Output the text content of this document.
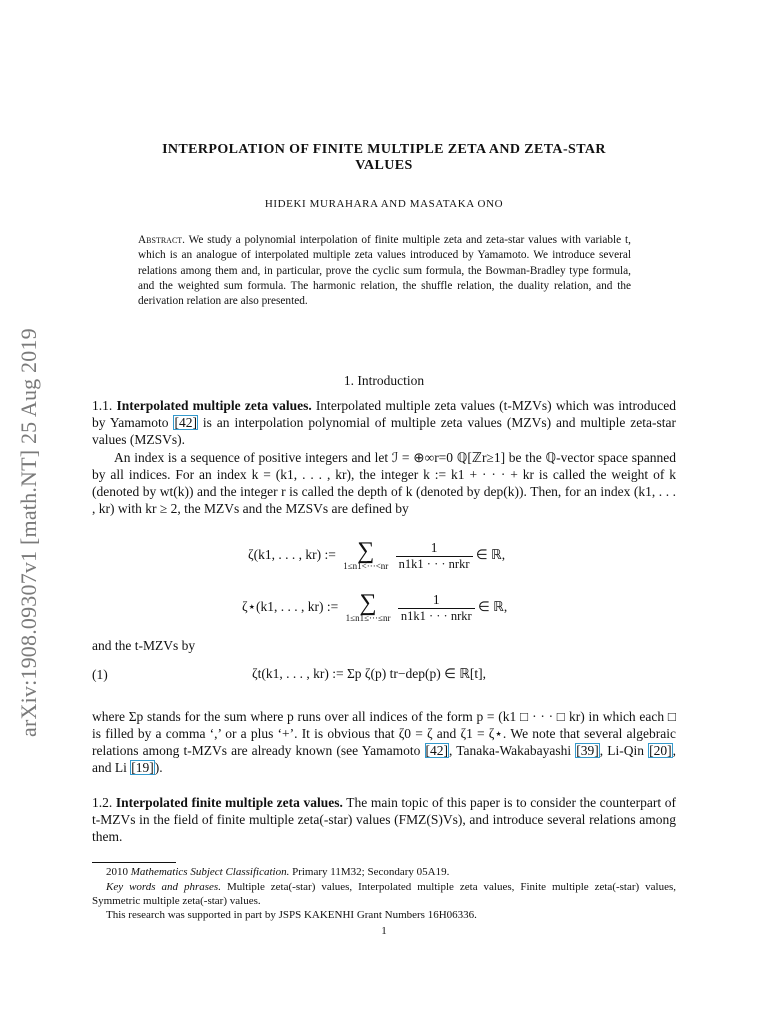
arXiv:1908.09307v1 [math.NT] 25 Aug 2019
INTERPOLATION OF FINITE MULTIPLE ZETA AND ZETA-STAR
VALUES
HIDEKI MURAHARA AND MASATAKA ONO
Abstract. We study a polynomial interpolation of finite multiple zeta and zeta-star values with variable t, which is an analogue of interpolated multiple zeta values introduced by Yamamoto. We introduce several relations among them and, in particular, prove the cyclic sum formula, the Bowman-Bradley type formula, and the weighted sum formula. The harmonic relation, the shuffle relation, the duality relation, and the derivation relation are also presented.
1. Introduction
1.1. Interpolated multiple zeta values. Interpolated multiple zeta values (t-MZVs) which was introduced by Yamamoto [42] is an interpolation polynomial of multiple zeta values (MZVs) and multiple zeta-star values (MZSVs).
An index is a sequence of positive integers and let ℐ = ⊕∞r=0 ℚ[ℤr≥1] be the ℚ-vector space spanned by all indices. For an index k = (k1, . . . , kr), the integer k := k1 + · · · + kr is called the weight of k (denoted by wt(k)) and the integer r is called the depth of k (denoted by dep(k)). Then, for an index (k1, . . . , kr) with kr ≥ 2, the MZVs and the MZSVs are defined by
ζ(k1, . . . , kr) := ∑
1≤n1<···<nr
$\frac{1}{\text{n1k1 · · · nrkr}}$ ∈ ℝ,
ζ⋆(k1, . . . , kr) := ∑
1≤n1≤···≤nr
$\frac{1}{\text{n1k1 · · · nrkr}}$ ∈ ℝ,
and the t-MZVs by
(1)	ζt(k1, . . . , kr) := Σp ζ(p) tr−dep(p) ∈ ℝ[t],
where Σp stands for the sum where p runs over all indices of the form p = (k1 □ · · · □ kr) in which each □ is filled by a comma ‘,’ or a plus ‘+’. It is obvious that ζ0 = ζ and ζ1 = ζ⋆. We note that several algebraic relations among t-MZVs are already known (see Yamamoto [42], Tanaka-Wakabayashi [39], Li-Qin [20], and Li [19]).
1.2. Interpolated finite multiple zeta values. The main topic of this paper is to consider the counterpart of t-MZVs in the field of finite multiple zeta(-star) values (FMZ(S)Vs), and introduce several relations among them.
2010 Mathematics Subject Classification. Primary 11M32; Secondary 05A19.
Key words and phrases. Multiple zeta(-star) values, Interpolated multiple zeta values, Finite multiple zeta(-star) values, Symmetric multiple zeta(-star) values.
This research was supported in part by JSPS KAKENHI Grant Numbers 16H06336.
1
